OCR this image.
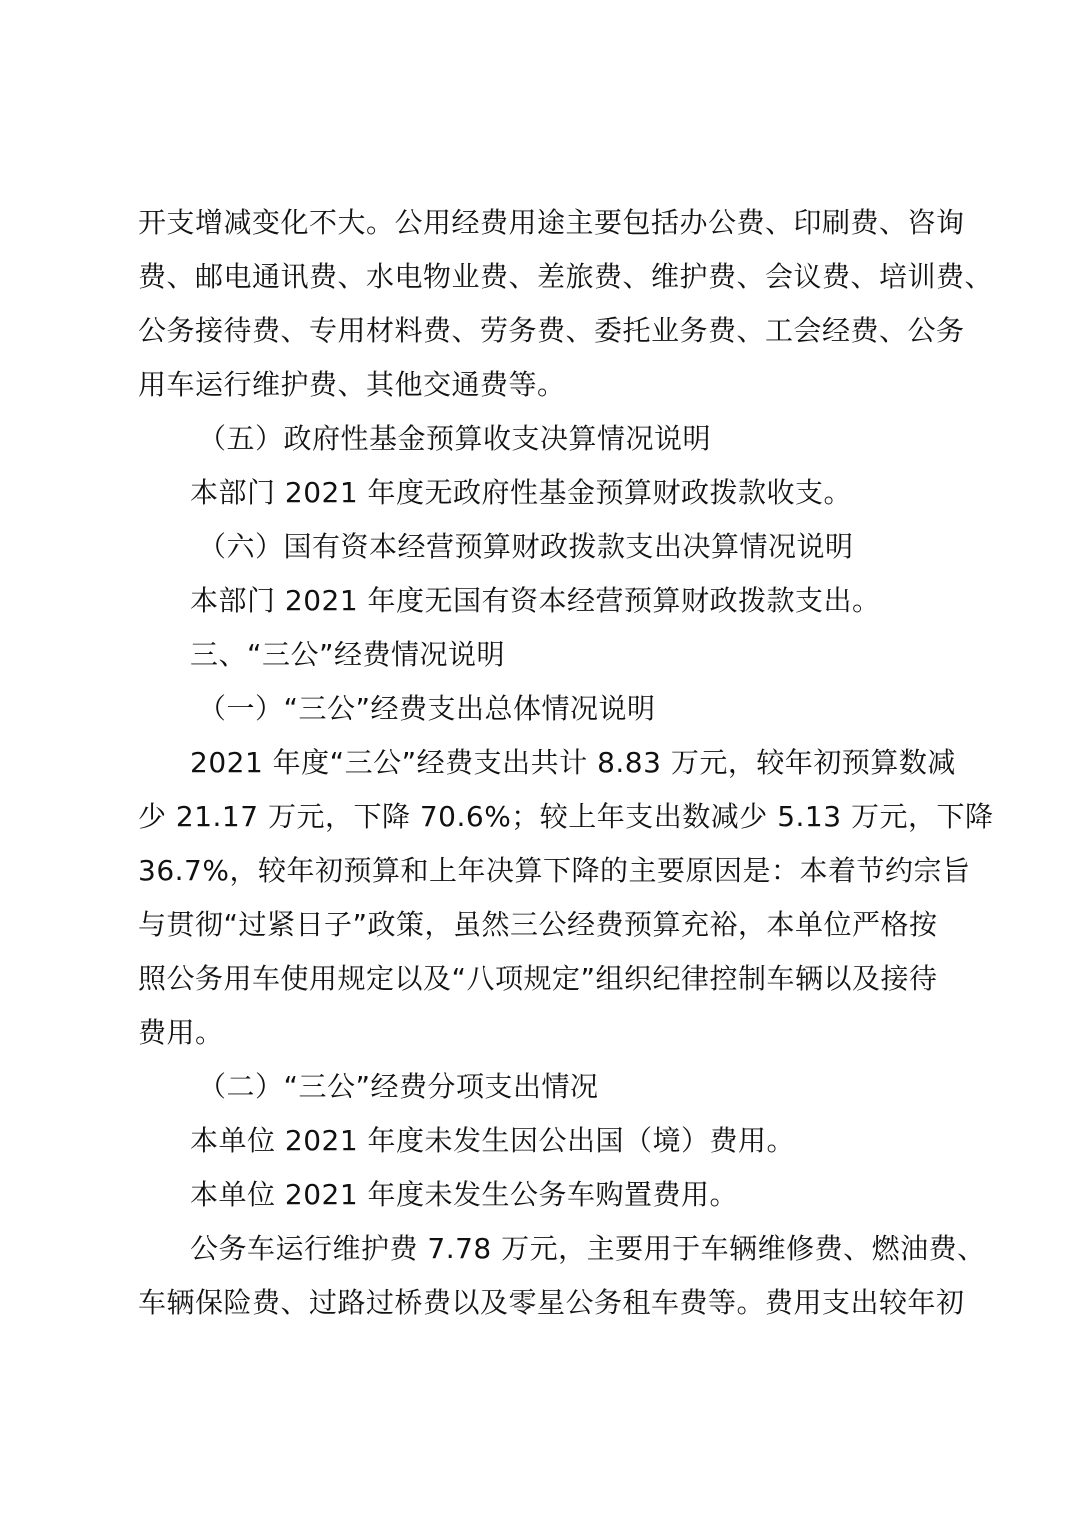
开支增减变化不大。公用经费用途主要包括办公费、印刷费、咨询
费、邮电通讯费、水电物业费、差旅费、维护费、会议费、培训费、
公务接待费、专用材料费、劳务费、委托业务费、工会经费、公务
用车运行维护费、其他交通费等。
（五）政府性基金预算收支决算情况说明
本部门 2021 年度无政府性基金预算财政拨款收支。
（六）国有资本经营预算财政拨款支出决算情况说明
本部门 2021 年度无国有资本经营预算财政拨款支出。
三、“三公”经费情况说明
（一）“三公”经费支出总体情况说明
2021 年度“三公”经费支出共计 8.83 万元，较年初预算数减
少 21.17 万元，下降 70.6%；较上年支出数减少 5.13 万元，下降
36.7%，较年初预算和上年决算下降的主要原因是：本着节约宗旨
与贯彻“过紧日子”政策，虽然三公经费预算充裕，本单位严格按
照公务用车使用规定以及“八项规定”组织纪律控制车辆以及接待
费用。
（二）“三公”经费分项支出情况
本单位 2021 年度未发生因公出国（境）费用。
本单位 2021 年度未发生公务车购置费用。
公务车运行维护费 7.78 万元，主要用于车辆维修费、燃油费、
车辆保险费、过路过桥费以及零星公务租车费等。费用支出较年初
